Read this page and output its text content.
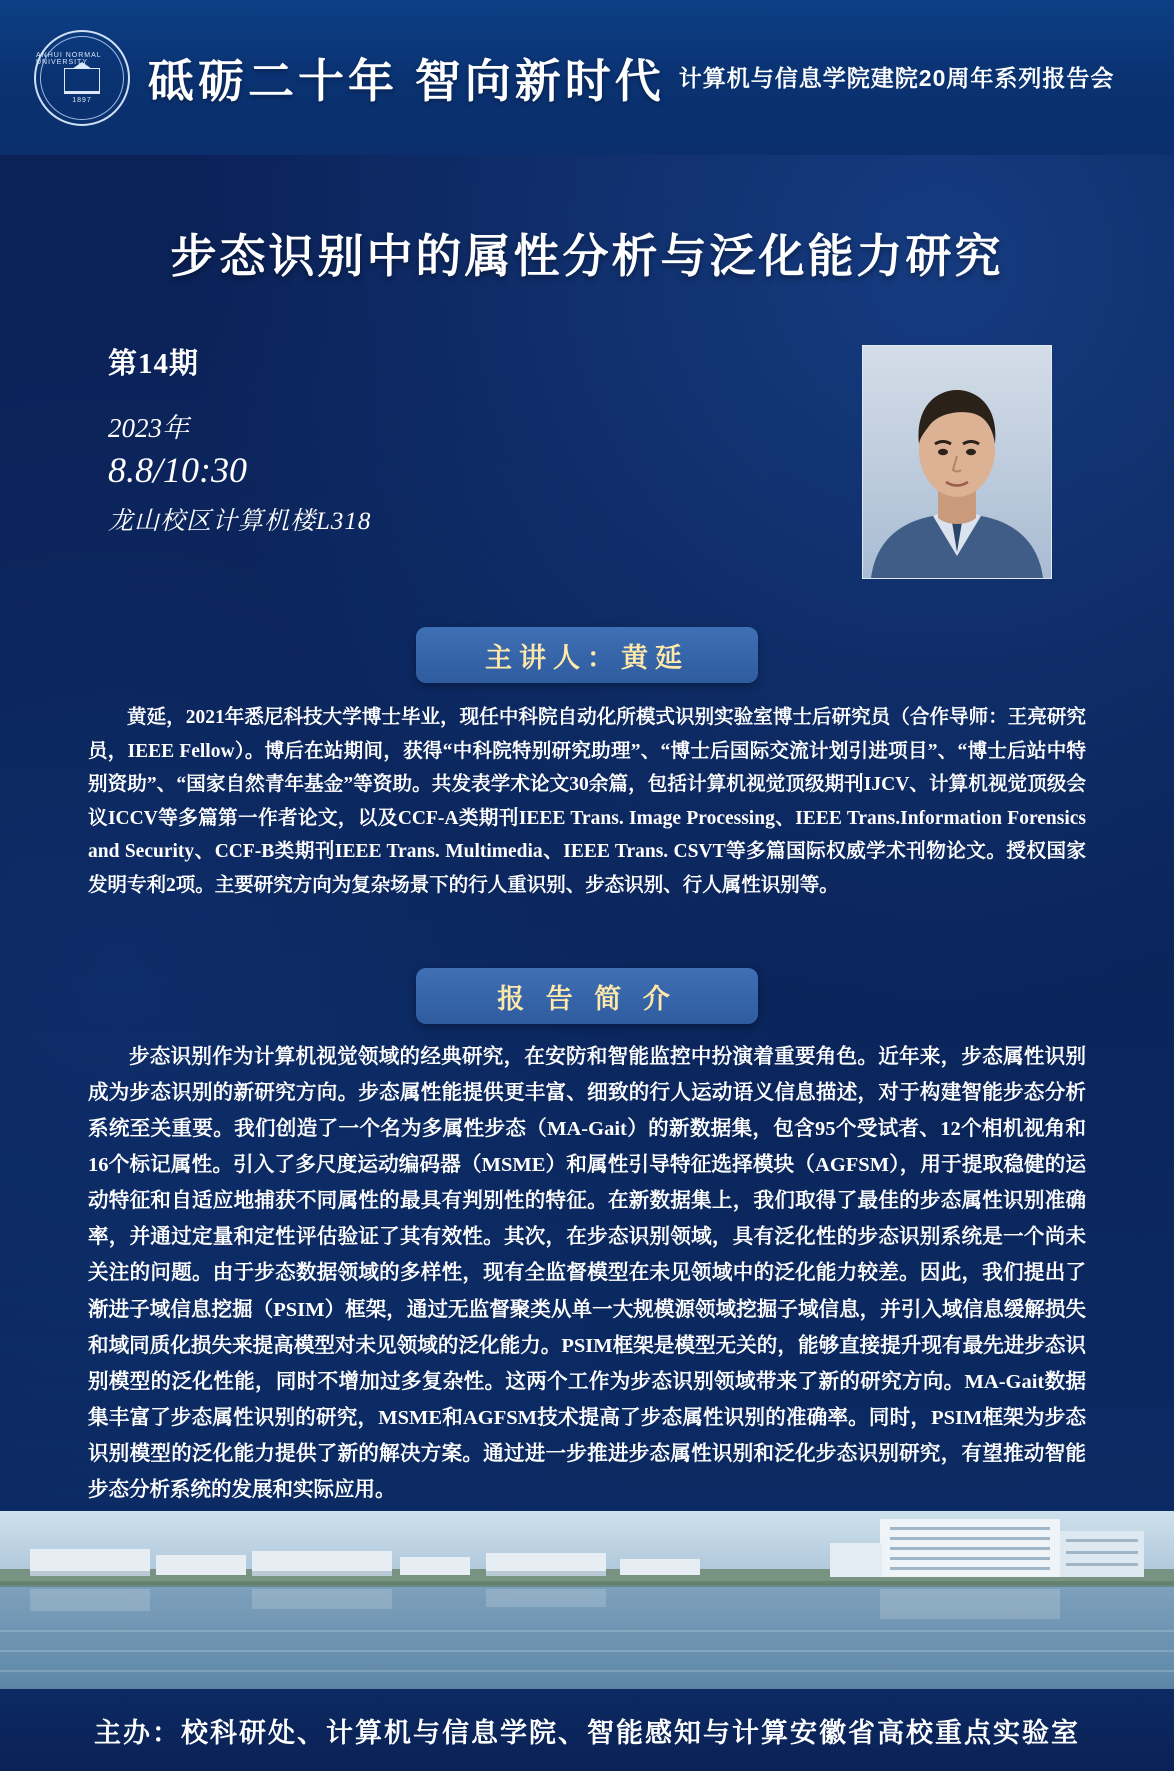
ANHUI NORMAL UNIVERSITY
1897 砥砺二十年 智向新时代 计算机与信息学院建院20周年系列报告会
步态识别中的属性分析与泛化能力研究
第14期
2023年
8.8/10:30
龙山校区计算机楼L318
主讲人：黄延
黄延，2021年悉尼科技大学博士毕业，现任中科院自动化所模式识别实验室博士后研究员（合作导师：王亮研究员，IEEE Fellow）。博后在站期间，获得“中科院特别研究助理”、“博士后国际交流计划引进项目”、“博士后站中特别资助”、“国家自然青年基金”等资助。共发表学术论文30余篇，包括计算机视觉顶级期刊IJCV、计算机视觉顶级会议ICCV等多篇第一作者论文，以及CCF-A类期刊IEEE Trans. Image Processing、IEEE Trans.Information Forensics and Security、CCF-B类期刊IEEE Trans. Multimedia、IEEE Trans. CSVT等多篇国际权威学术刊物论文。授权国家发明专利2项。主要研究方向为复杂场景下的行人重识别、步态识别、行人属性识别等。
报 告 简 介
步态识别作为计算机视觉领域的经典研究，在安防和智能监控中扮演着重要角色。近年来，步态属性识别成为步态识别的新研究方向。步态属性能提供更丰富、细致的行人运动语义信息描述，对于构建智能步态分析系统至关重要。我们创造了一个名为多属性步态（MA-Gait）的新数据集，包含95个受试者、12个相机视角和16个标记属性。引入了多尺度运动编码器（MSME）和属性引导特征选择模块（AGFSM），用于提取稳健的运动特征和自适应地捕获不同属性的最具有判别性的特征。在新数据集上，我们取得了最佳的步态属性识别准确率，并通过定量和定性评估验证了其有效性。其次，在步态识别领域，具有泛化性的步态识别系统是一个尚未关注的问题。由于步态数据领域的多样性，现有全监督模型在未见领域中的泛化能力较差。因此，我们提出了渐进子域信息挖掘（PSIM）框架，通过无监督聚类从单一大规模源领域挖掘子域信息，并引入域信息缓解损失和域同质化损失来提高模型对未见领域的泛化能力。PSIM框架是模型无关的，能够直接提升现有最先进步态识别模型的泛化性能，同时不增加过多复杂性。这两个工作为步态识别领域带来了新的研究方向。MA-Gait数据集丰富了步态属性识别的研究，MSME和AGFSM技术提高了步态属性识别的准确率。同时，PSIM框架为步态识别模型的泛化能力提供了新的解决方案。通过进一步推进步态属性识别和泛化步态识别研究，有望推动智能步态分析系统的发展和实际应用。
主办：校科研处、计算机与信息学院、智能感知与计算安徽省高校重点实验室
